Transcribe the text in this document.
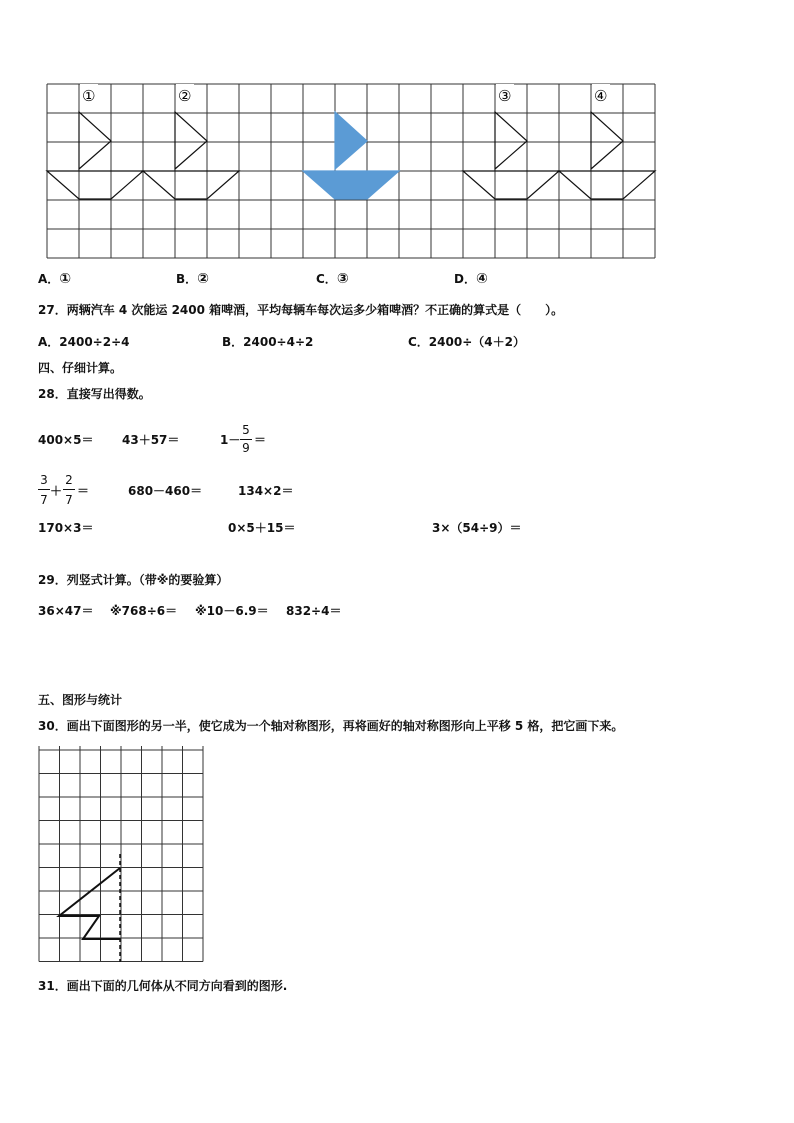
①	②	③	④
A．①	B．②	C．③	D．④
27．两辆汽车 4 次能运 2400 箱啤酒，平均每辆车每次运多少箱啤酒？不正确的算式是（　　）。
A．2400÷2÷4	B．2400÷4÷2	C．2400÷（4＋2）
四、仔细计算。
28．直接写出得数。
400×5＝ 43＋57＝	1－
5
9
＝
3
7
＋
2
7
＝	680－460＝	134×2＝
170×3＝	0×5＋15＝	3×（54÷9）＝
29．列竖式计算。（带※的要验算）
36×47＝ ※768÷6＝ ※10－6.9＝ 832÷4＝
五、图形与统计
30．画出下面图形的另一半，使它成为一个轴对称图形，再将画好的轴对称图形向上平移 5 格，把它画下来。
31．画出下面的几何体从不同方向看到的图形.
